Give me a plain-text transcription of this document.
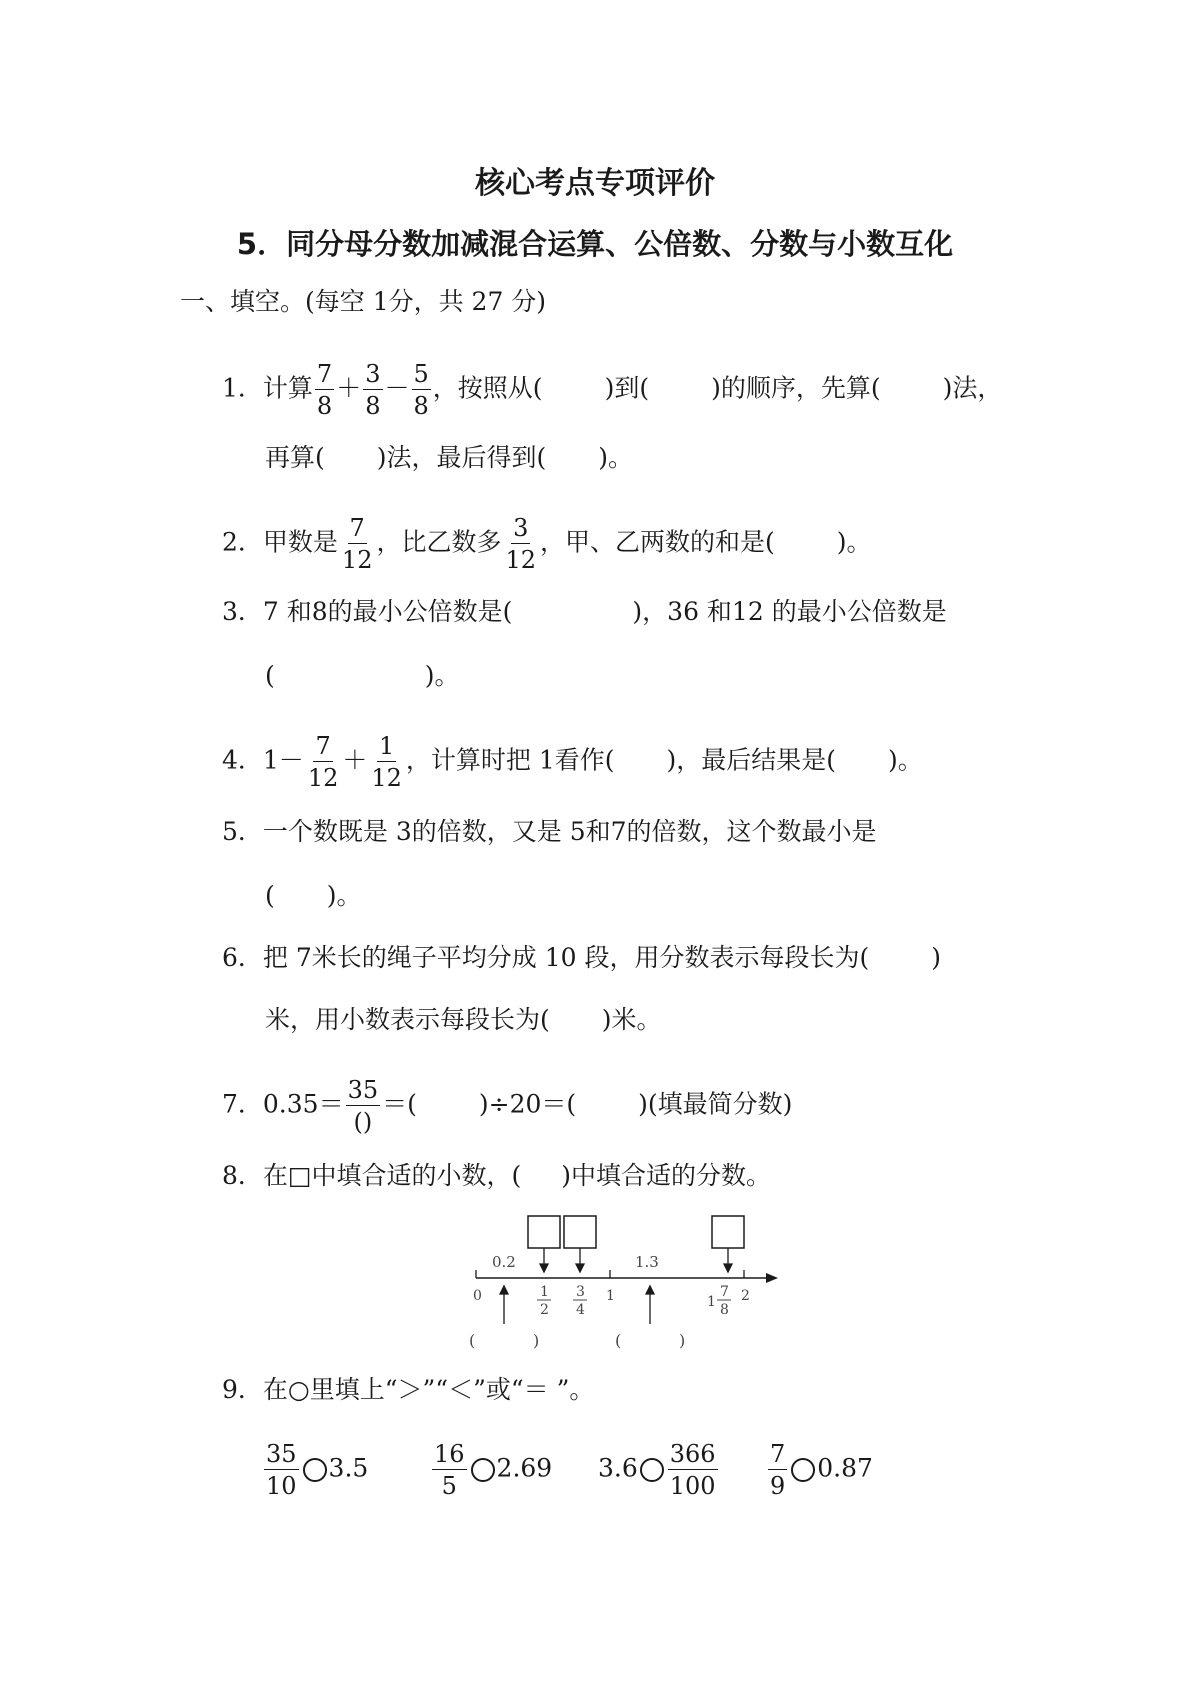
核心考点专项评价
5．同分母分数加减混合运算、公倍数、分数与小数互化
一、填空。(每空 1分，共 27 分)
1．计算 $\frac{7}{8} + \frac{3}{8} - \frac{5}{8}$ ，按照从( )到( )的顺序，先算( )法，
再算( )法，最后得到( )。
2．甲数是 $\frac{7}{12}$ ，比乙数多 $\frac{3}{12}$ ，甲、乙两数的和是( )。
3．7 和8的最小公倍数是(	)，36 和12 的最小公倍数是
(	)。
4．$1- \frac{7}{12} + \frac{1}{12}$ ，计算时把 1看作( )，最后结果是( )。
5．一个数既是 3的倍数，又是 5和7的倍数，这个数最小是
( )。
6．把 7米长的绳子平均分成 10 段，用分数表示每段长为( )
米，用小数表示每段长为( )米。
7．$0.35= \frac{35}{()}$ ＝( )÷20＝( )(填最简分数)
8．在□中填合适的小数，( )中填合适的分数。
0.2	1.3
0	1	2
1
2
3
4	1
7
8
(	)	(	)
9．在○里填上“＞”“＜”或“＝ ”。
$\frac{35}{10} 3.5$	$\frac{16}{5} 2.69$ $3.6 \frac{366}{100} \frac{7}{9} 0.87$
